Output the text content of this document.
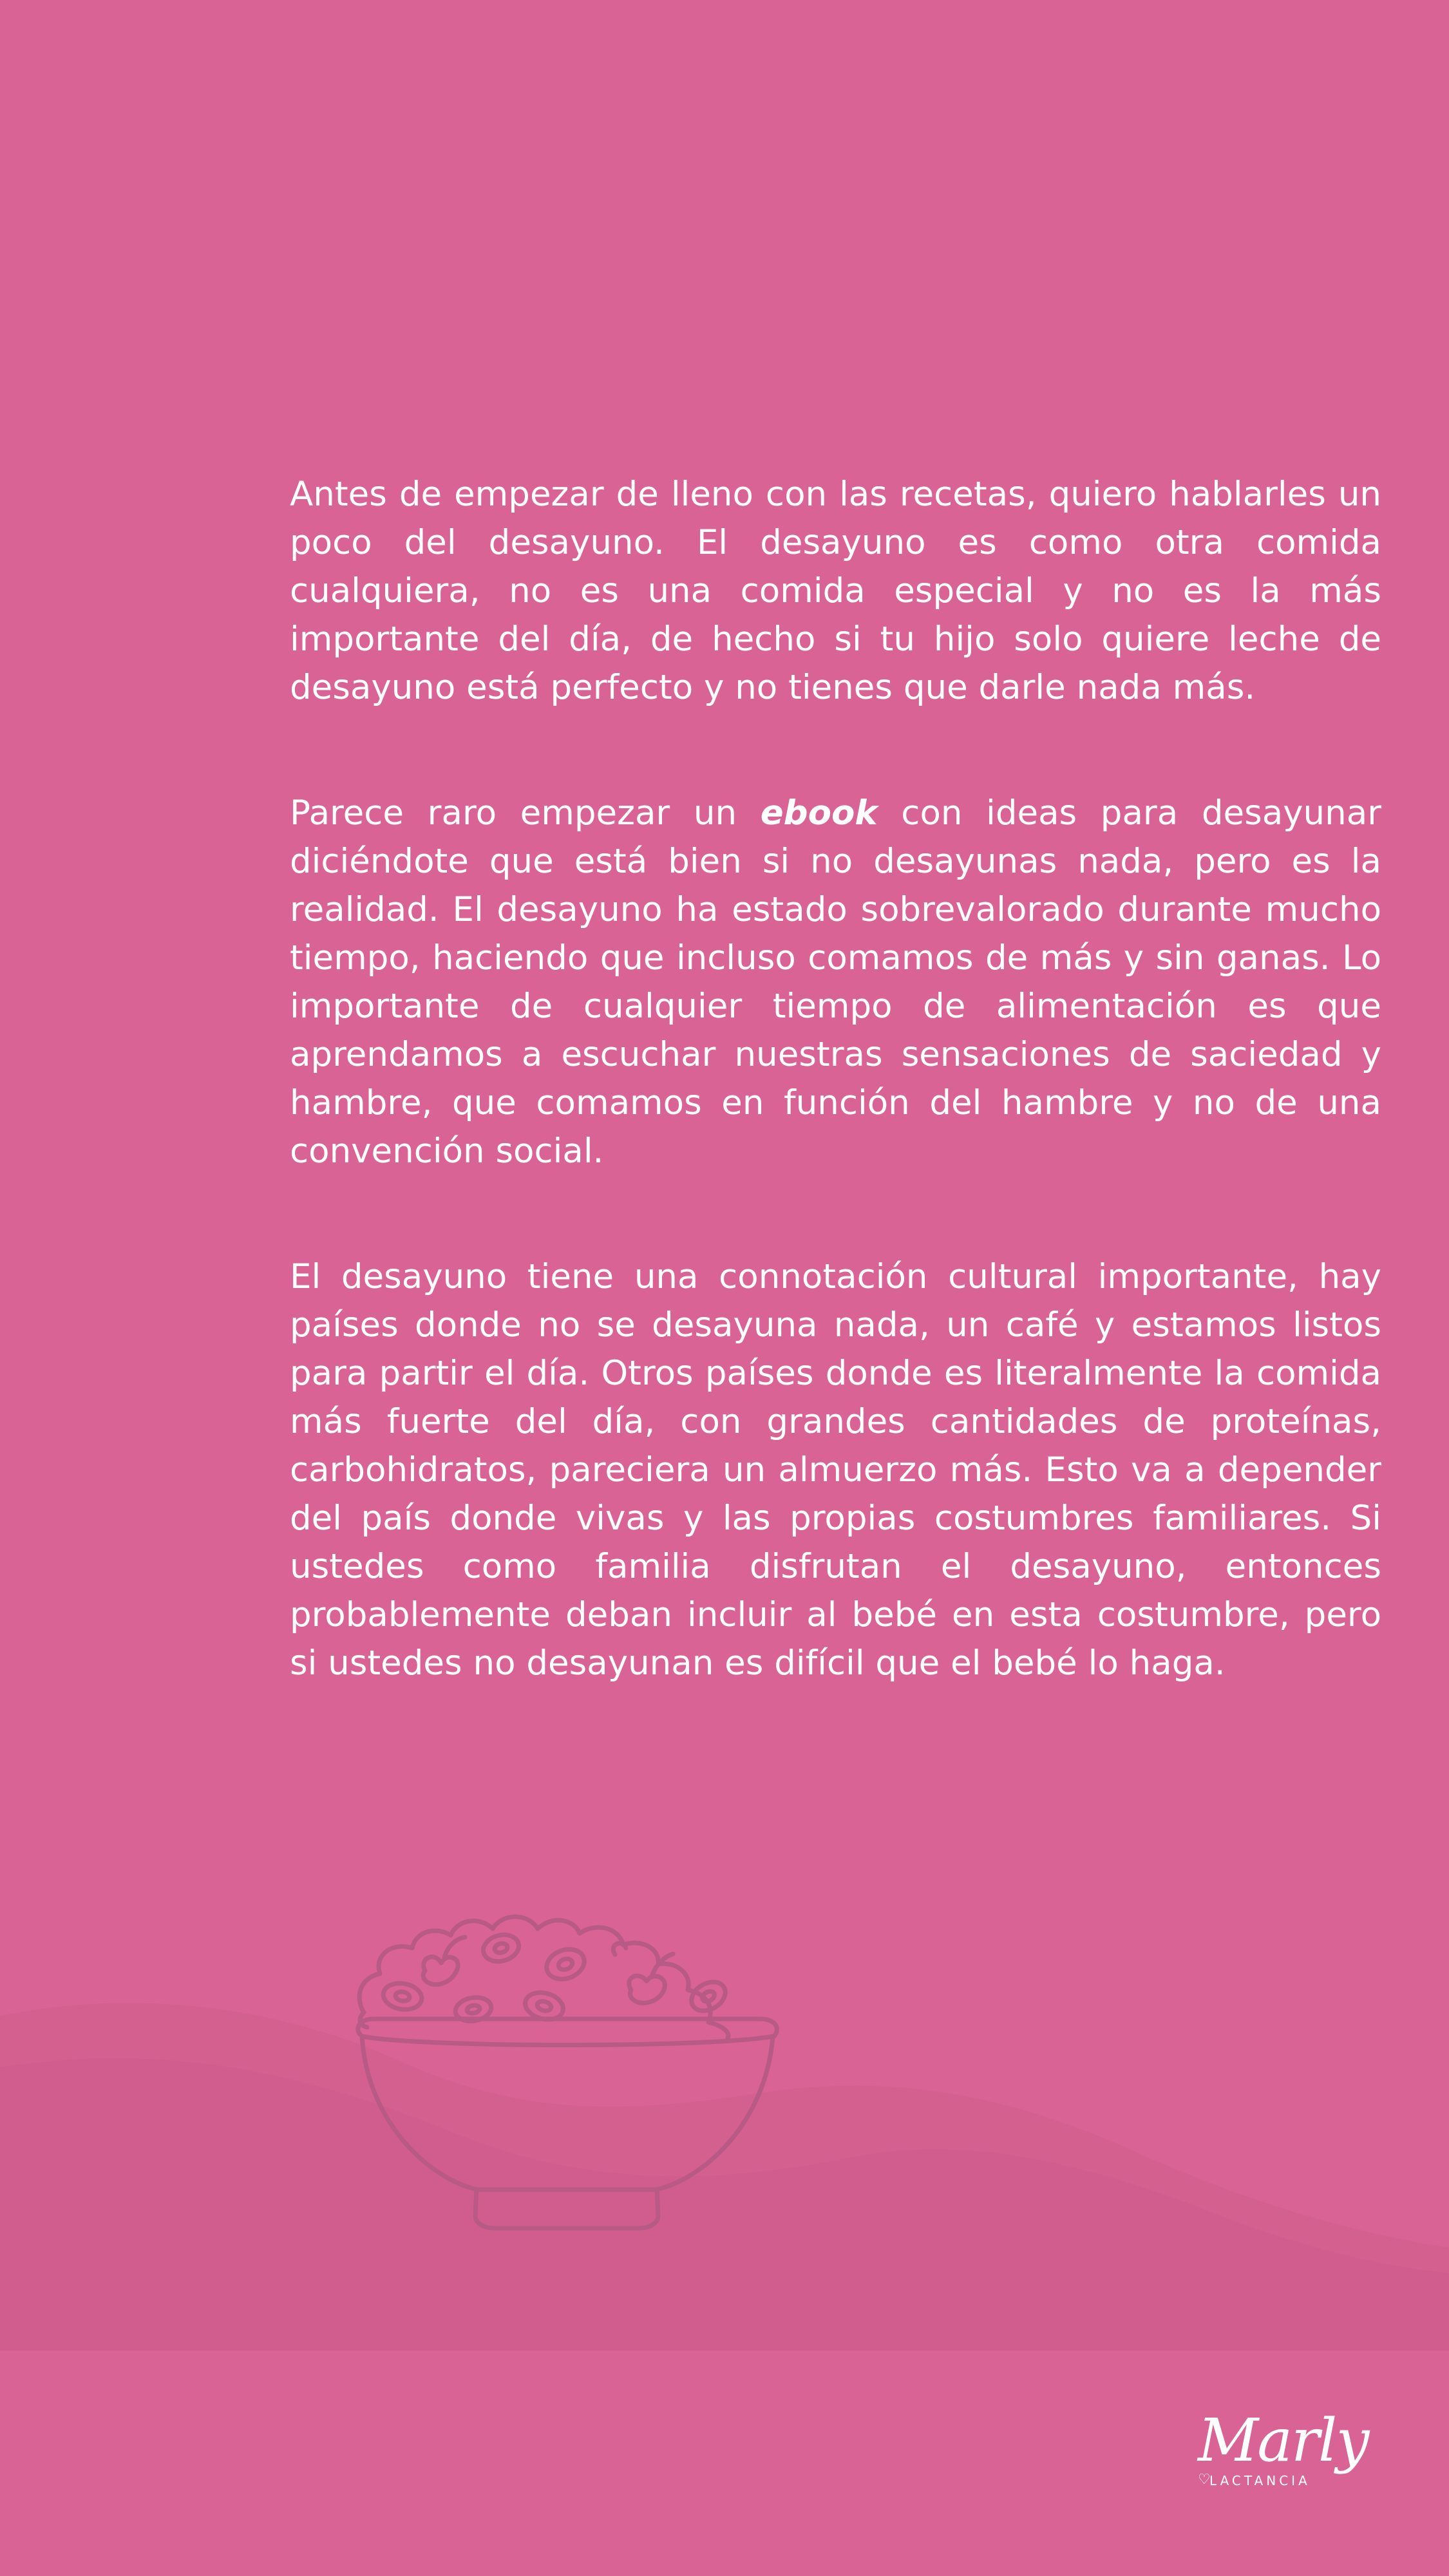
Antes de empezar de lleno con las recetas, quiero hablarles un poco del desayuno. El desayuno es como otra comida cualquiera, no es una comida especial y no es la más importante del día, de hecho si tu hijo solo quiere leche de desayuno está perfecto y no tienes que darle nada más.

Parece raro empezar un ebook con ideas para desayunar diciéndote que está bien si no desayunas nada, pero es la realidad. El desayuno ha estado sobrevalorado durante mucho tiempo, haciendo que incluso comamos de más y sin ganas. Lo importante de cualquier tiempo de alimentación es que aprendamos a escuchar nuestras sensaciones de saciedad y hambre, que comamos en función del hambre y no de una convención social.

El desayuno tiene una connotación cultural importante, hay países donde no se desayuna nada, un café y estamos listos para partir el día. Otros países donde es literalmente la comida más fuerte del día, con grandes cantidades de proteínas, carbohidratos, pareciera un almuerzo más. Esto va a depender del país donde vivas y las propias costumbres familiares. Si ustedes como familia disfrutan el desayuno, entonces probablemente deban incluir al bebé en esta costumbre, pero si ustedes no desayunan es difícil que el bebé lo haga.

Marly
♡
LACTANCIA
